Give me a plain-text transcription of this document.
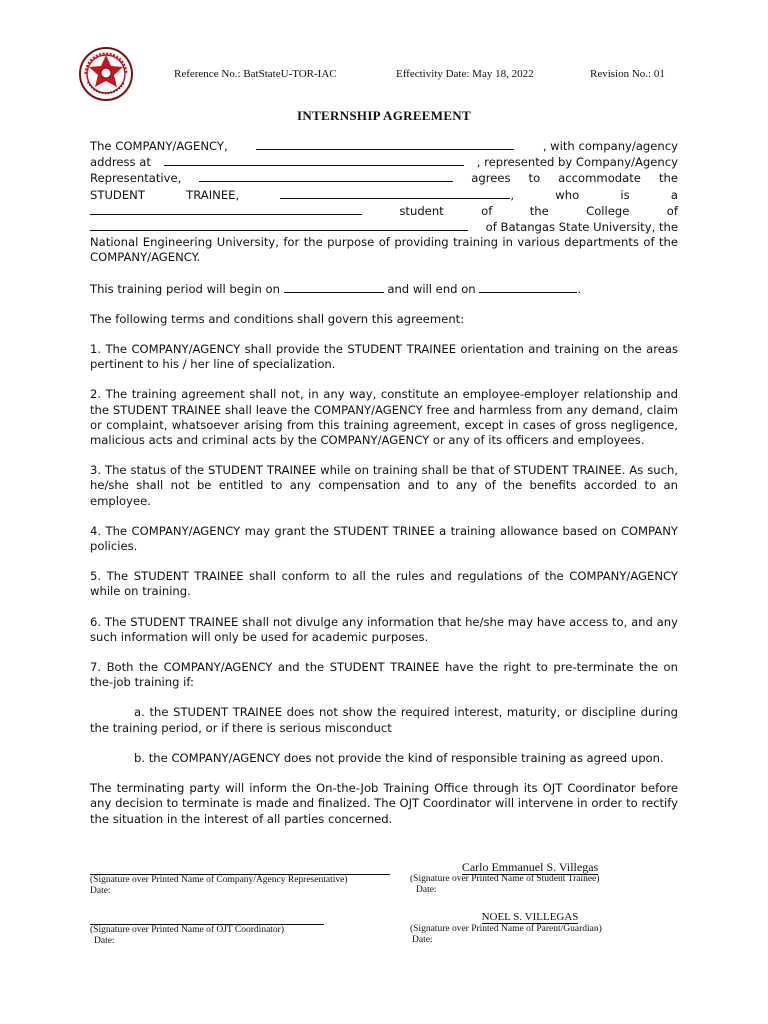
Reference No.: BatStateU-TOR-IAC	Effectivity Date: May 18, 2022	Revision No.: 01
INTERNSHIP AGREEMENT
The COMPANY/AGENCY,	, with company/agency
address at	, represented by Company/Agency
Representative,	agrees to accommodate the
STUDENT	TRAINEE,	,	who	is	a
student	of	the	College	of
of Batangas State University, the
National Engineering University, for the purpose of providing training in various departments of the COMPANY/AGENCY.

This training period will begin on	and will end on	.

The following terms and conditions shall govern this agreement:

1. The COMPANY/AGENCY shall provide the STUDENT TRAINEE orientation and training on the areas pertinent to his / her line of specialization.

2. The training agreement shall not, in any way, constitute an employee-employer relationship and the STUDENT TRAINEE shall leave the COMPANY/AGENCY free and harmless from any demand, claim or complaint, whatsoever arising from this training agreement, except in cases of gross negligence, malicious acts and criminal acts by the COMPANY/AGENCY or any of its officers and employees.

3. The status of the STUDENT TRAINEE while on training shall be that of STUDENT TRAINEE. As such, he/she shall not be entitled to any compensation and to any of the benefits accorded to an employee.

4. The COMPANY/AGENCY may grant the STUDENT TRINEE a training allowance based on COMPANY policies.

5. The STUDENT TRAINEE shall conform to all the rules and regulations of the COMPANY/AGENCY while on training.

6. The STUDENT TRAINEE shall not divulge any information that he/she may have access to, and any such information will only be used for academic purposes.

7. Both the COMPANY/AGENCY and the STUDENT TRAINEE have the right to pre-terminate the on the-job training if:

a. the STUDENT TRAINEE does not show the required interest, maturity, or discipline during the training period, or if there is serious misconduct

b. the COMPANY/AGENCY does not provide the kind of responsible training as agreed upon.

The terminating party will inform the On-the-Job Training Office through its OJT Coordinator before any decision to terminate is made and finalized. The OJT Coordinator will intervene in order to rectify the situation in the interest of all parties concerned.

(Signature over Printed Name of Company/Agency Representative)
Date:
Carlo Emmanuel S. Villegas
(Signature over Printed Name of Student Trainee)
Date:
(Signature over Printed Name of OJT Coordinator)
Date:
NOEL S. VILLEGAS
(Signature over Printed Name of Parent/Guardian)
Date:
